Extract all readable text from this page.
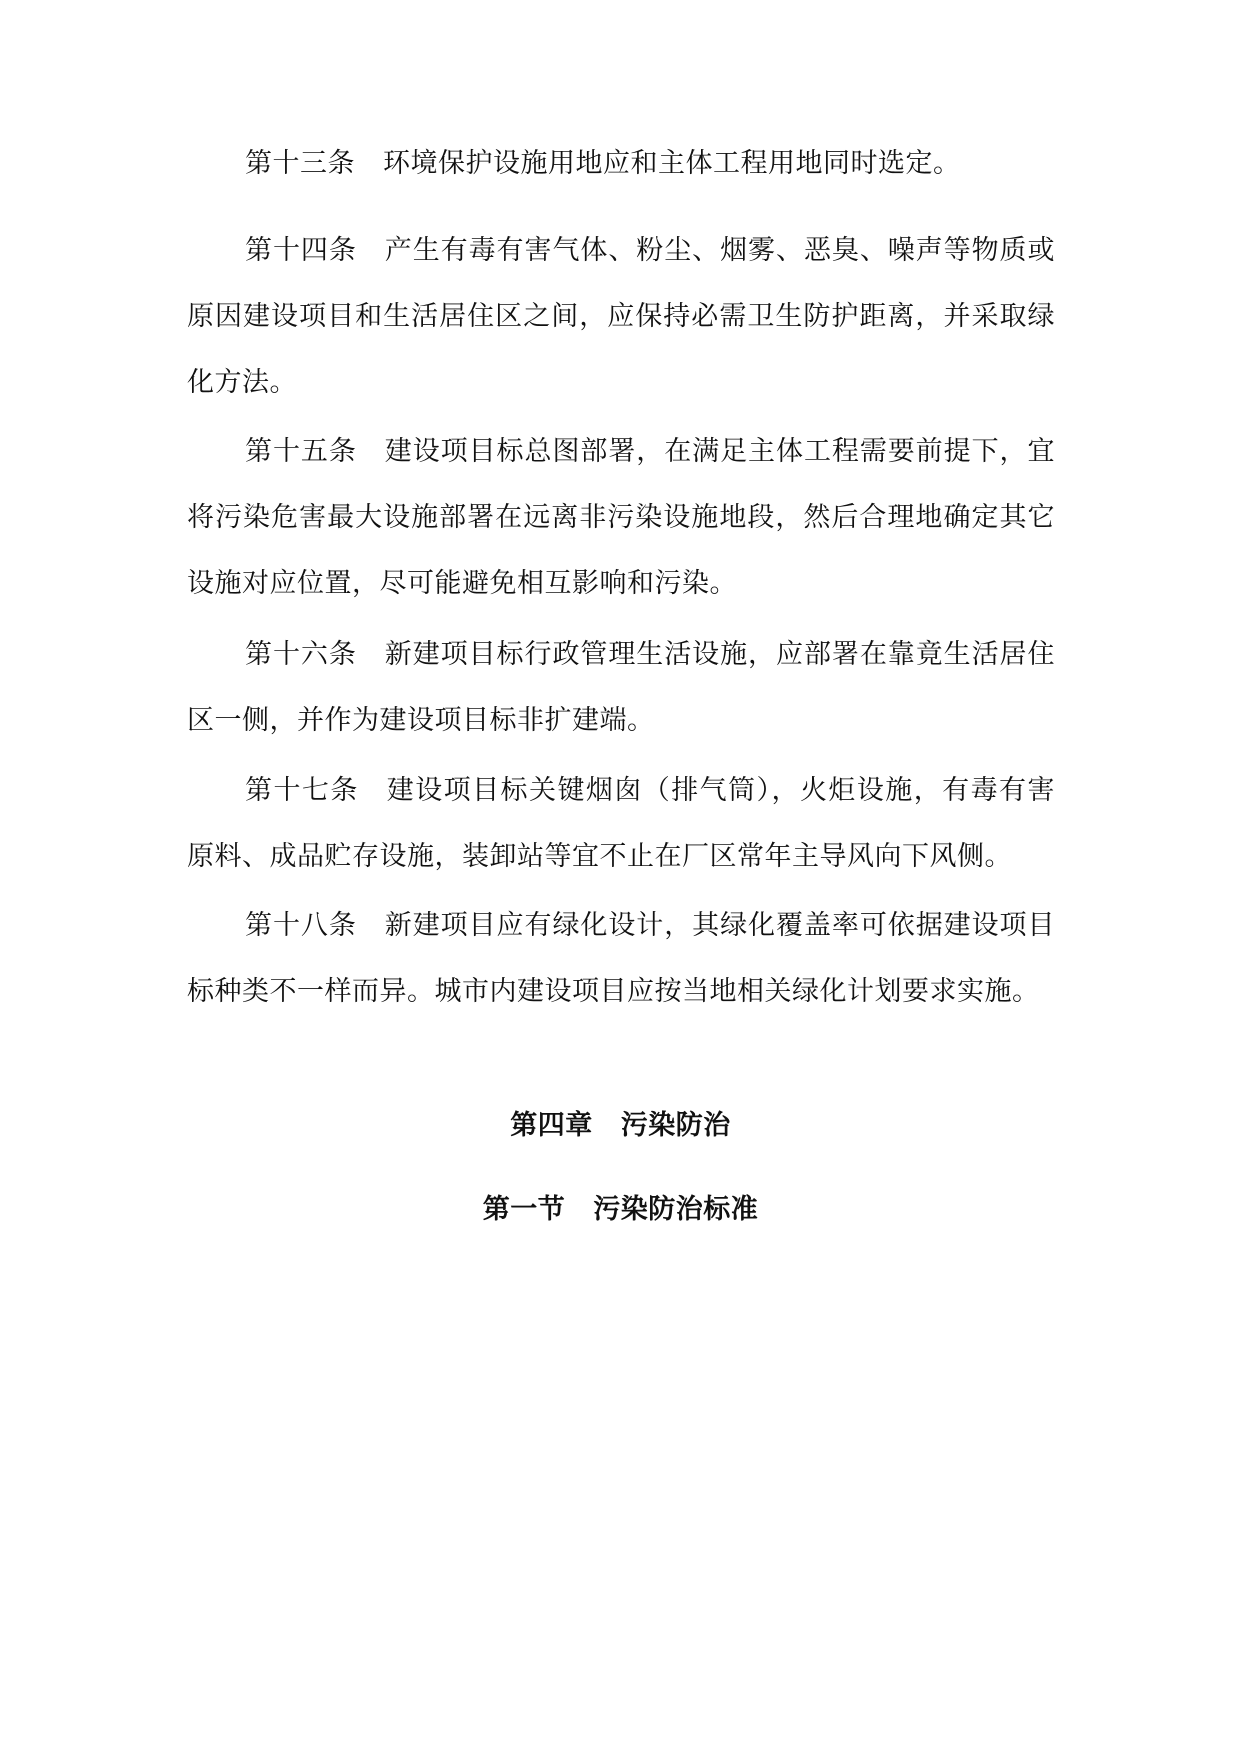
第十三条 环境保护设施用地应和主体工程用地同时选定。

第十四条 产生有毒有害气体、粉尘、烟雾、恶臭、噪声等物质或原因建设项目和生活居住区之间，应保持必需卫生防护距离，并采取绿化方法。

第十五条 建设项目标总图部署，在满足主体工程需要前提下，宜将污染危害最大设施部署在远离非污染设施地段，然后合理地确定其它设施对应位置，尽可能避免相互影响和污染。

第十六条 新建项目标行政管理生活设施，应部署在靠竟生活居住区一侧，并作为建设项目标非扩建端。

第十七条 建设项目标关键烟囱（排气筒），火炬设施，有毒有害原料、成品贮存设施，装卸站等宜不止在厂区常年主导风向下风侧。

第十八条 新建项目应有绿化设计，其绿化覆盖率可依据建设项目标种类不一样而异。城市内建设项目应按当地相关绿化计划要求实施。

第四章 污染防治
第一节 污染防治标准
